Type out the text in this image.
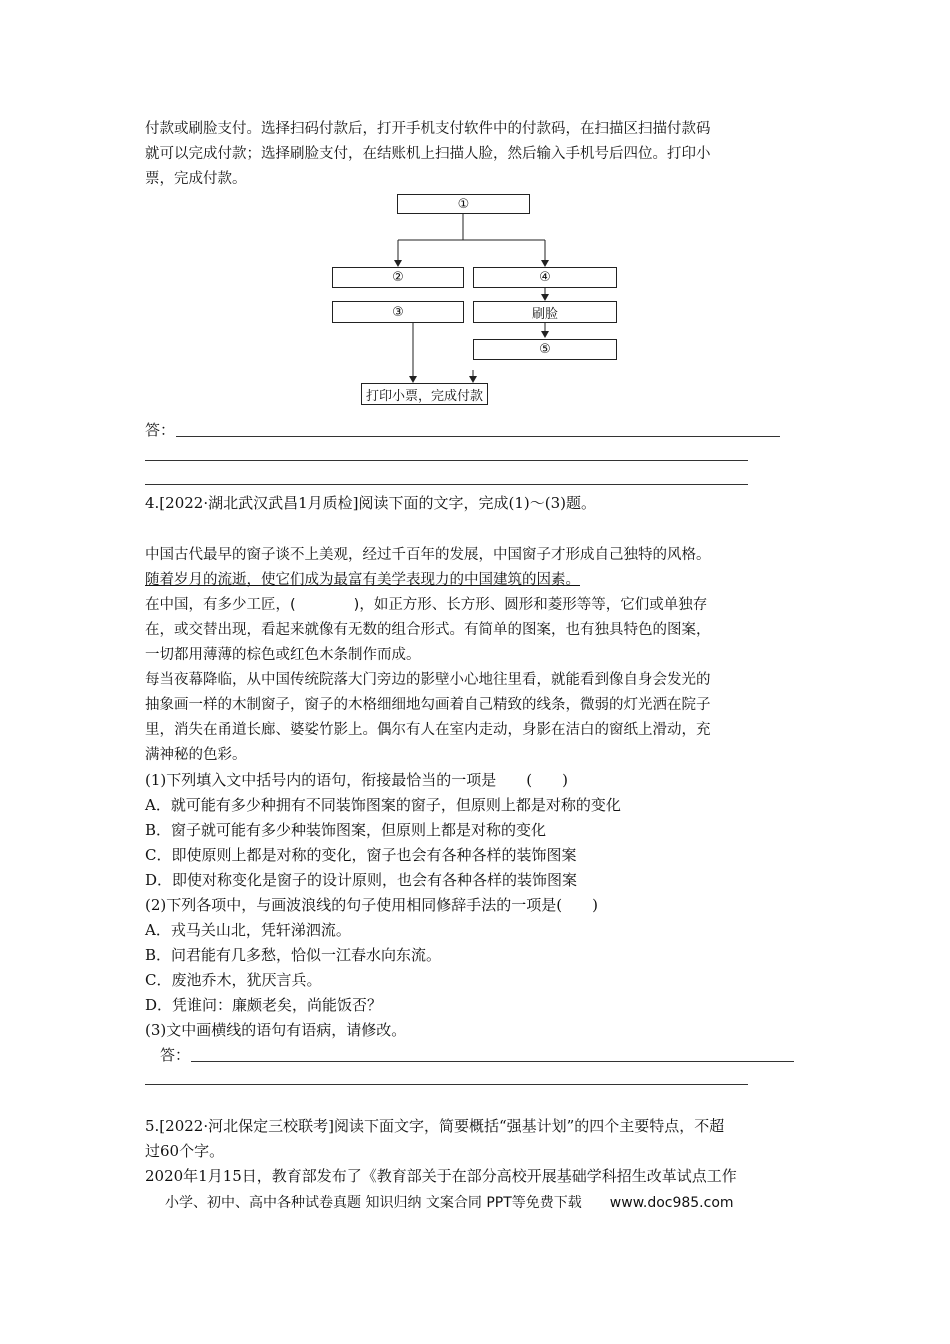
付款或刷脸支付。选择扫码付款后，打开手机支付软件中的付款码，在扫描区扫描付款码

就可以完成付款；选择刷脸支付，在结账机上扫描人脸，然后输入手机号后四位。打印小

票，完成付款。

①
②	④
③	刷脸
⑤
打印小票，完成付款

答：

4.[2022·湖北武汉武昌1月质检]阅读下面的文字，完成(1)～(3)题。

中国古代最早的窗子谈不上美观，经过千百年的发展，中国窗子才形成自己独特的风格。

随着岁月的流逝，使它们成为最富有美学表现力的中国建筑的因素。

在中国，有多少工匠，(　　　　)，如正方形、长方形、圆形和菱形等等，它们或单独存

在，或交替出现，看起来就像有无数的组合形式。有简单的图案，也有独具特色的图案，

一切都用薄薄的棕色或红色木条制作而成。

每当夜幕降临，从中国传统院落大门旁边的影壁小心地往里看，就能看到像自身会发光的

抽象画一样的木制窗子，窗子的木格细细地勾画着自己精致的线条，微弱的灯光洒在院子

里，消失在甬道长廊、婆娑竹影上。偶尔有人在室内走动，身影在洁白的窗纸上滑动，充

满神秘的色彩。

(1)下列填入文中括号内的语句，衔接最恰当的一项是　　(　　)

A．就可能有多少种拥有不同装饰图案的窗子，但原则上都是对称的变化

B．窗子就可能有多少种装饰图案，但原则上都是对称的变化

C．即使原则上都是对称的变化，窗子也会有各种各样的装饰图案

D．即使对称变化是窗子的设计原则，也会有各种各样的装饰图案

(2)下列各项中，与画波浪线的句子使用相同修辞手法的一项是(　　)

A．戎马关山北，凭轩涕泗流。

B．问君能有几多愁，恰似一江春水向东流。

C．废池乔木，犹厌言兵。

D．凭谁问：廉颇老矣，尚能饭否？

(3)文中画横线的语句有语病，请修改。

答：

5.[2022·河北保定三校联考]阅读下面文字，简要概括“强基计划”的四个主要特点，不超

过60个字。

2020年1月15日，教育部发布了《教育部关于在部分高校开展基础学科招生改革试点工作

小学、初中、高中各种试卷真题 知识归纳 文案合同 PPT等免费下载 www.doc985.com
